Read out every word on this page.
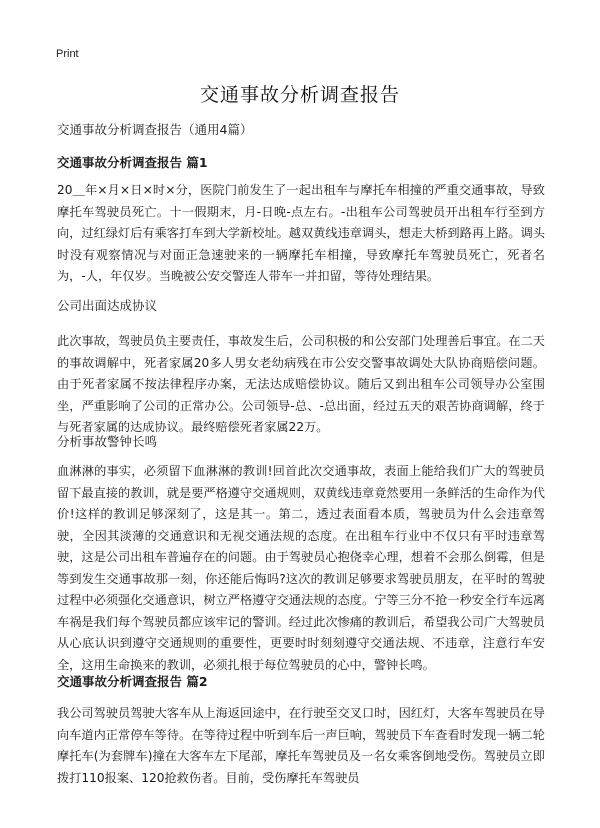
Print
交通事故分析调查报告
交通事故分析调查报告（通用4篇）
交通事故分析调查报告 篇1
20＿年×月×日×时×分，医院门前发生了一起出租车与摩托车相撞的严重交通事故，导致摩托车驾驶员死亡。十一假期末，月-日晚-点左右。-出租车公司驾驶员开出租车行至到方向，过红绿灯后有乘客打车到大学新校址。越双黄线违章调头，想走大桥到路再上路。调头时没有观察情况与对面正急速驶来的一辆摩托车相撞，导致摩托车驾驶员死亡，死者名为，-人，年仅岁。当晚被公安交警连人带车一并扣留，等待处理结果。
公司出面达成协议
此次事故，驾驶员负主要责任，事故发生后，公司积极的和公安部门处理善后事宜。在二天的事故调解中，死者家属20多人男女老幼病残在市公安交警事故调处大队协商赔偿问题。由于死者家属不按法律程序办案，无法达成赔偿协议。随后又到出租车公司领导办公室围坐，严重影响了公司的正常办公。公司领导-总、-总出面，经过五天的艰苦协商调解，终于与死者家属的达成协议。最终赔偿死者家属22万。
分析事故警钟长鸣
血淋淋的事实，必须留下血淋淋的教训!回首此次交通事故，表面上能给我们广大的驾驶员留下最直接的教训，就是要严格遵守交通规则，双黄线违章竟然要用一条鲜活的生命作为代价!这样的教训足够深刻了，这是其一。第二，透过表面看本质，驾驶员为什么会违章驾驶，全因其淡薄的交通意识和无视交通法规的态度。在出租车行业中不仅只有平时违章驾驶，这是公司出租车普遍存在的问题。由于驾驶员心抱侥幸心理，想着不会那么倒霉，但是等到发生交通事故那一刻，你还能后悔吗?这次的教训足够要求驾驶员朋友，在平时的驾驶过程中必须强化交通意识，树立严格遵守交通法规的态度。宁等三分不抢一秒安全行车远离车祸是我们每个驾驶员都应该牢记的警训。经过此次惨痛的教训后，希望我公司广大驾驶员从心底认识到遵守交通规则的重要性，更要时时刻刻遵守交通法规、不违章，注意行车安全，这用生命换来的教训，必须扎根于每位驾驶员的心中，警钟长鸣。
交通事故分析调查报告 篇2
我公司驾驶员驾驶大客车从上海返回途中，在行驶至交叉口时，因红灯，大客车驾驶员在导向车道内正常停车等待。在等待过程中听到车后一声巨响，驾驶员下车查看时发现一辆二轮摩托车(为套牌车)撞在大客车左下尾部，摩托车驾驶员及一名女乘客倒地受伤。驾驶员立即拨打110报案、120抢救伤者。目前，受伤摩托车驾驶员
